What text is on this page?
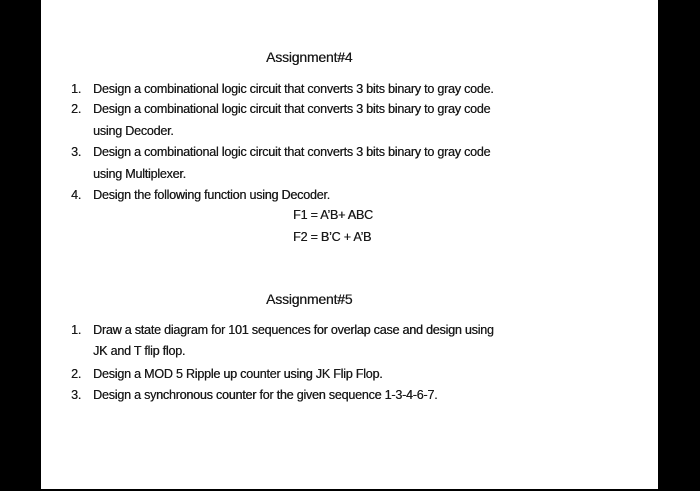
Assignment#4
1. Design a combinational logic circuit that converts 3 bits binary to gray code.
2. Design a combinational logic circuit that converts 3 bits binary to gray code
using Decoder.
3. Design a combinational logic circuit that converts 3 bits binary to gray code
using Multiplexer.
4. Design the following function using Decoder.
F1 = A’B+ ABC
F2 = B’C + A’B
Assignment#5
1. Draw a state diagram for 101 sequences for overlap case and design using
JK and T flip flop.
2. Design a MOD 5 Ripple up counter using JK Flip Flop.
3. Design a synchronous counter for the given sequence 1-3-4-6-7.
